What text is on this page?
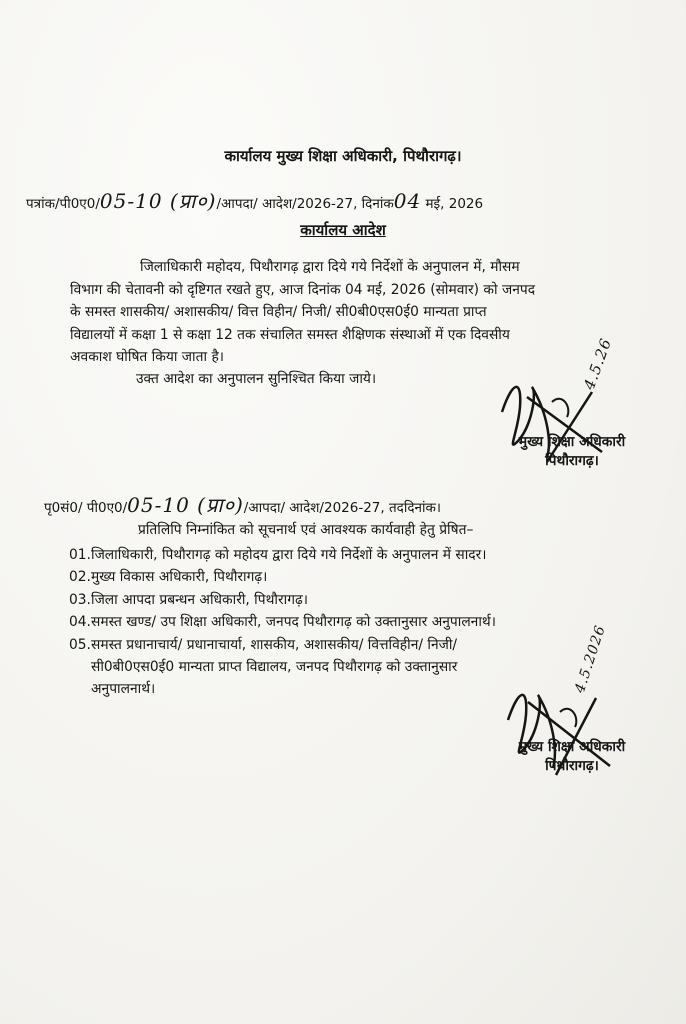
कार्यालय मुख्य शिक्षा अधिकारी, पिथौरागढ़।
पत्रांक/पी0ए0/05-10 (प्रा०)/आपदा/ आदेश/2026-27, दिनांक04 मई, 2026
कार्यालय आदेश
जिलाधिकारी महोदय, पिथौरागढ़ द्वारा दिये गये निर्देशों के अनुपालन में, मौसम
विभाग की चेतावनी को दृष्टिगत रखते हुए, आज दिनांक 04 मई, 2026 (सोमवार) को जनपद
के समस्त शासकीय/ अशासकीय/ वित्त विहीन/ निजी/ सी0बी0एस0ई0 मान्यता प्राप्त
विद्यालयों में कक्षा 1 से कक्षा 12 तक संचालित समस्त शैक्षिणक संस्थाओं में एक दिवसीय
अवकाश घोषित किया जाता है।
उक्त आदेश का अनुपालन सुनिश्चित किया जाये।	4.5.26
मुख्य शिक्षा अधिकारी
पिथौरागढ़।
पृ0सं0/ पी0ए0/05-10 (प्रा०)/आपदा/ आदेश/2026-27, तददिनांक।
प्रतिलिपि निम्नांकित को सूचनार्थ एवं आवश्यक कार्यवाही हेतु प्रेषित–
01. जिलाधिकारी, पिथौरागढ़ को महोदय द्वारा दिये गये निर्देशों के अनुपालन में सादर।
02. मुख्य विकास अधिकारी, पिथौरागढ़।
03. जिला आपदा प्रबन्धन अधिकारी, पिथौरागढ़।
04. समस्त खण्ड/ उप शिक्षा अधिकारी, जनपद पिथौरागढ़ को उक्तानुसार अनुपालनार्थ।
05. समस्त प्रधानाचार्य/ प्रधानाचार्या, शासकीय, अशासकीय/ वित्तविहीन/ निजी/
सी0बी0एस0ई0 मान्यता प्राप्त विद्यालय, जनपद पिथौरागढ़ को उक्तानुसार
अनुपालनार्थ।	4.5.2026
मुख्य शिक्षा अधिकारी
पिथौरागढ़।
